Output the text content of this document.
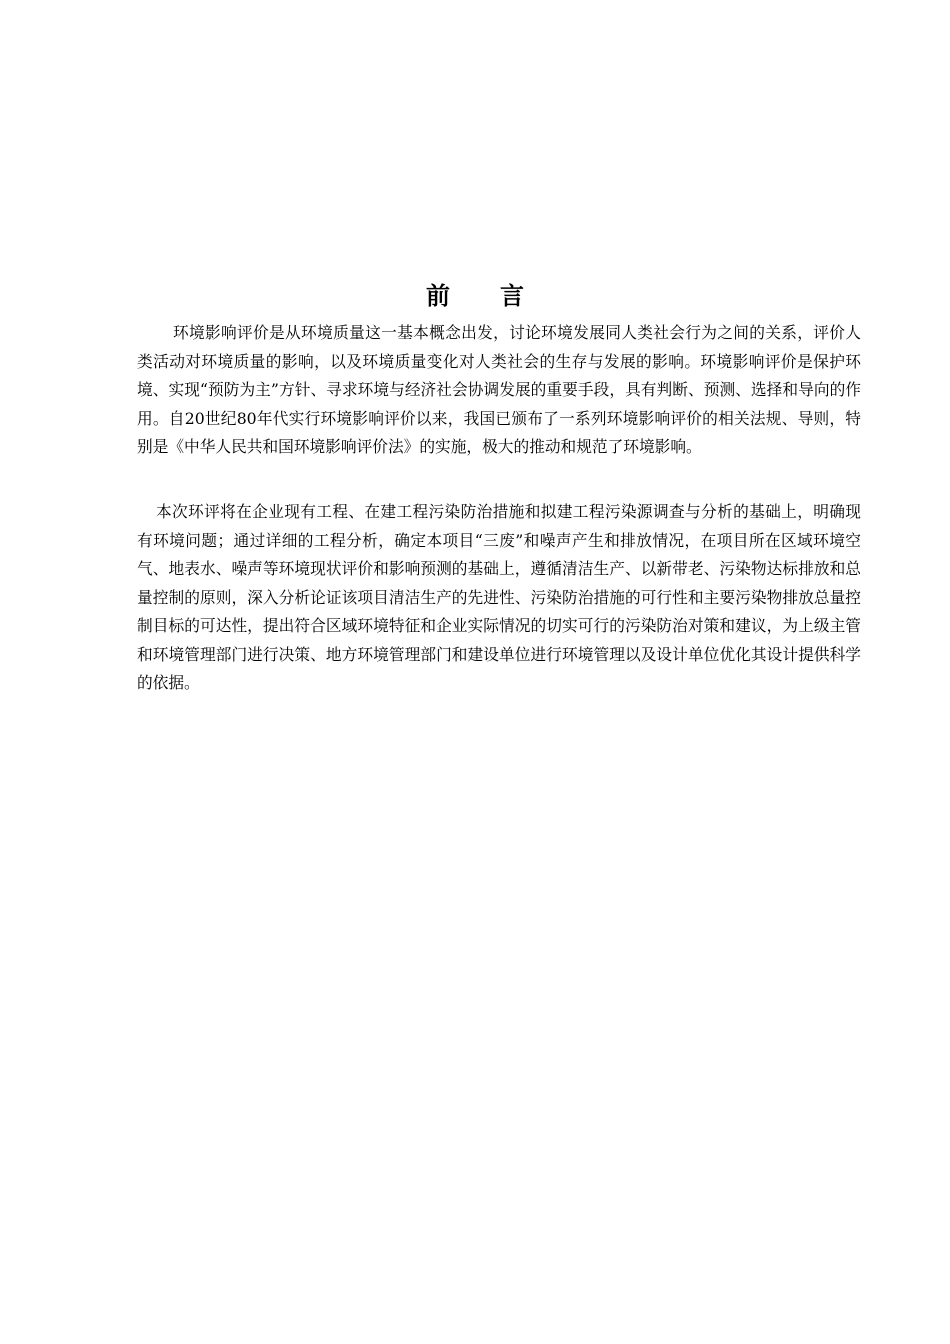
前言
环境影响评价是从环境质量这一基本概念出发，讨论环境发展同人类社会行为之间的关系，评价人类活动对环境质量的影响，以及环境质量变化对人类社会的生存与发展的影响。环境影响评价是保护环境、实现“预防为主”方针、寻求环境与经济社会协调发展的重要手段，具有判断、预测、选择和导向的作用。自20世纪80年代实行环境影响评价以来，我国已颁布了一系列环境影响评价的相关法规、导则，特别是《中华人民共和国环境影响评价法》的实施，极大的推动和规范了环境影响。
本次环评将在企业现有工程、在建工程污染防治措施和拟建工程污染源调查与分析的基础上，明确现有环境问题；通过详细的工程分析，确定本项目“三废”和噪声产生和排放情况，在项目所在区域环境空气、地表水、噪声等环境现状评价和影响预测的基础上，遵循清洁生产、以新带老、污染物达标排放和总量控制的原则，深入分析论证该项目清洁生产的先进性、污染防治措施的可行性和主要污染物排放总量控制目标的可达性，提出符合区域环境特征和企业实际情况的切实可行的污染防治对策和建议，为上级主管和环境管理部门进行决策、地方环境管理部门和建设单位进行环境管理以及设计单位优化其设计提供科学的依据。
